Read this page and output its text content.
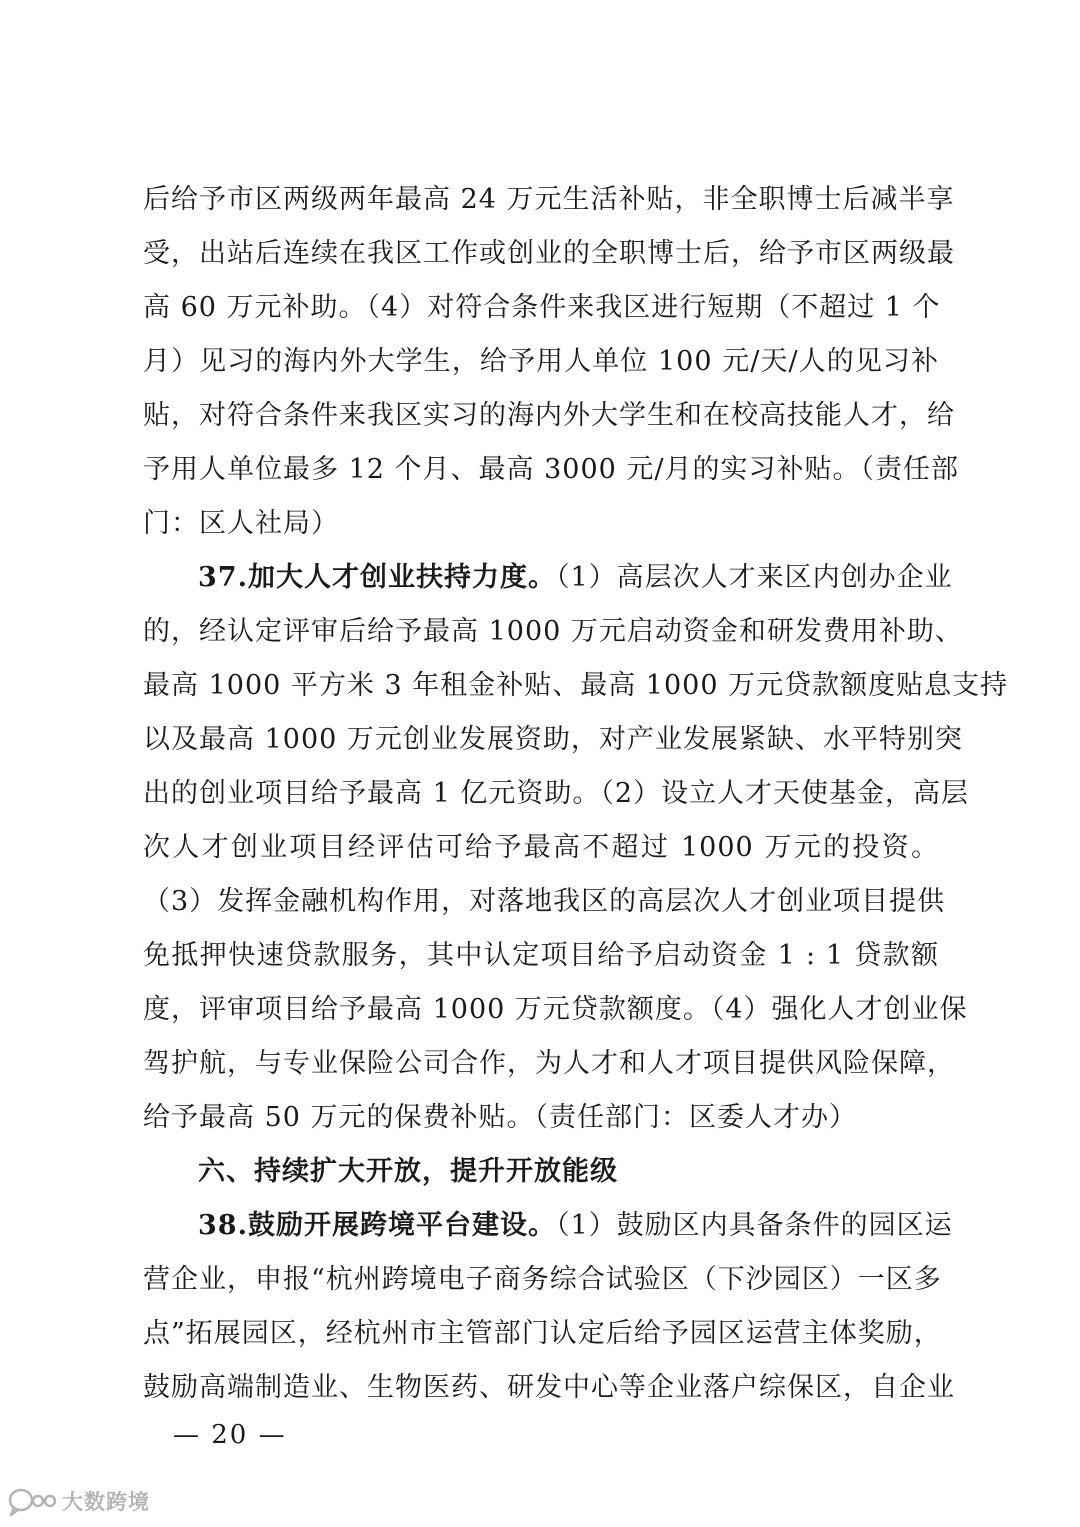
后给予市区两级两年最高 24 万元生活补贴，非全职博士后减半享
受，出站后连续在我区工作或创业的全职博士后，给予市区两级最
高 60 万元补助。（4）对符合条件来我区进行短期（不超过 1 个
月）见习的海内外大学生，给予用人单位 100 元/天/人的见习补
贴，对符合条件来我区实习的海内外大学生和在校高技能人才，给
予用人单位最多 12 个月、最高 3000 元/月的实习补贴。（责任部
门：区人社局）
37.加大人才创业扶持力度。（1）高层次人才来区内创办企业
的，经认定评审后给予最高 1000 万元启动资金和研发费用补助、
最高 1000 平方米 3 年租金补贴、最高 1000 万元贷款额度贴息支持
以及最高 1000 万元创业发展资助，对产业发展紧缺、水平特别突
出的创业项目给予最高 1 亿元资助。（2）设立人才天使基金，高层
次人才创业项目经评估可给予最高不超过 1000 万元的投资。
（3）发挥金融机构作用，对落地我区的高层次人才创业项目提供
免抵押快速贷款服务，其中认定项目给予启动资金 1 : 1 贷款额
度，评审项目给予最高 1000 万元贷款额度。（4）强化人才创业保
驾护航，与专业保险公司合作，为人才和人才项目提供风险保障，
给予最高 50 万元的保费补贴。（责任部门：区委人才办）
六、持续扩大开放，提升开放能级
38.鼓励开展跨境平台建设。（1）鼓励区内具备条件的园区运
营企业，申报“杭州跨境电子商务综合试验区（下沙园区）一区多
点”拓展园区，经杭州市主管部门认定后给予园区运营主体奖励，
鼓励高端制造业、生物医药、研发中心等企业落户综保区，自企业
— 20 —
大数跨境
